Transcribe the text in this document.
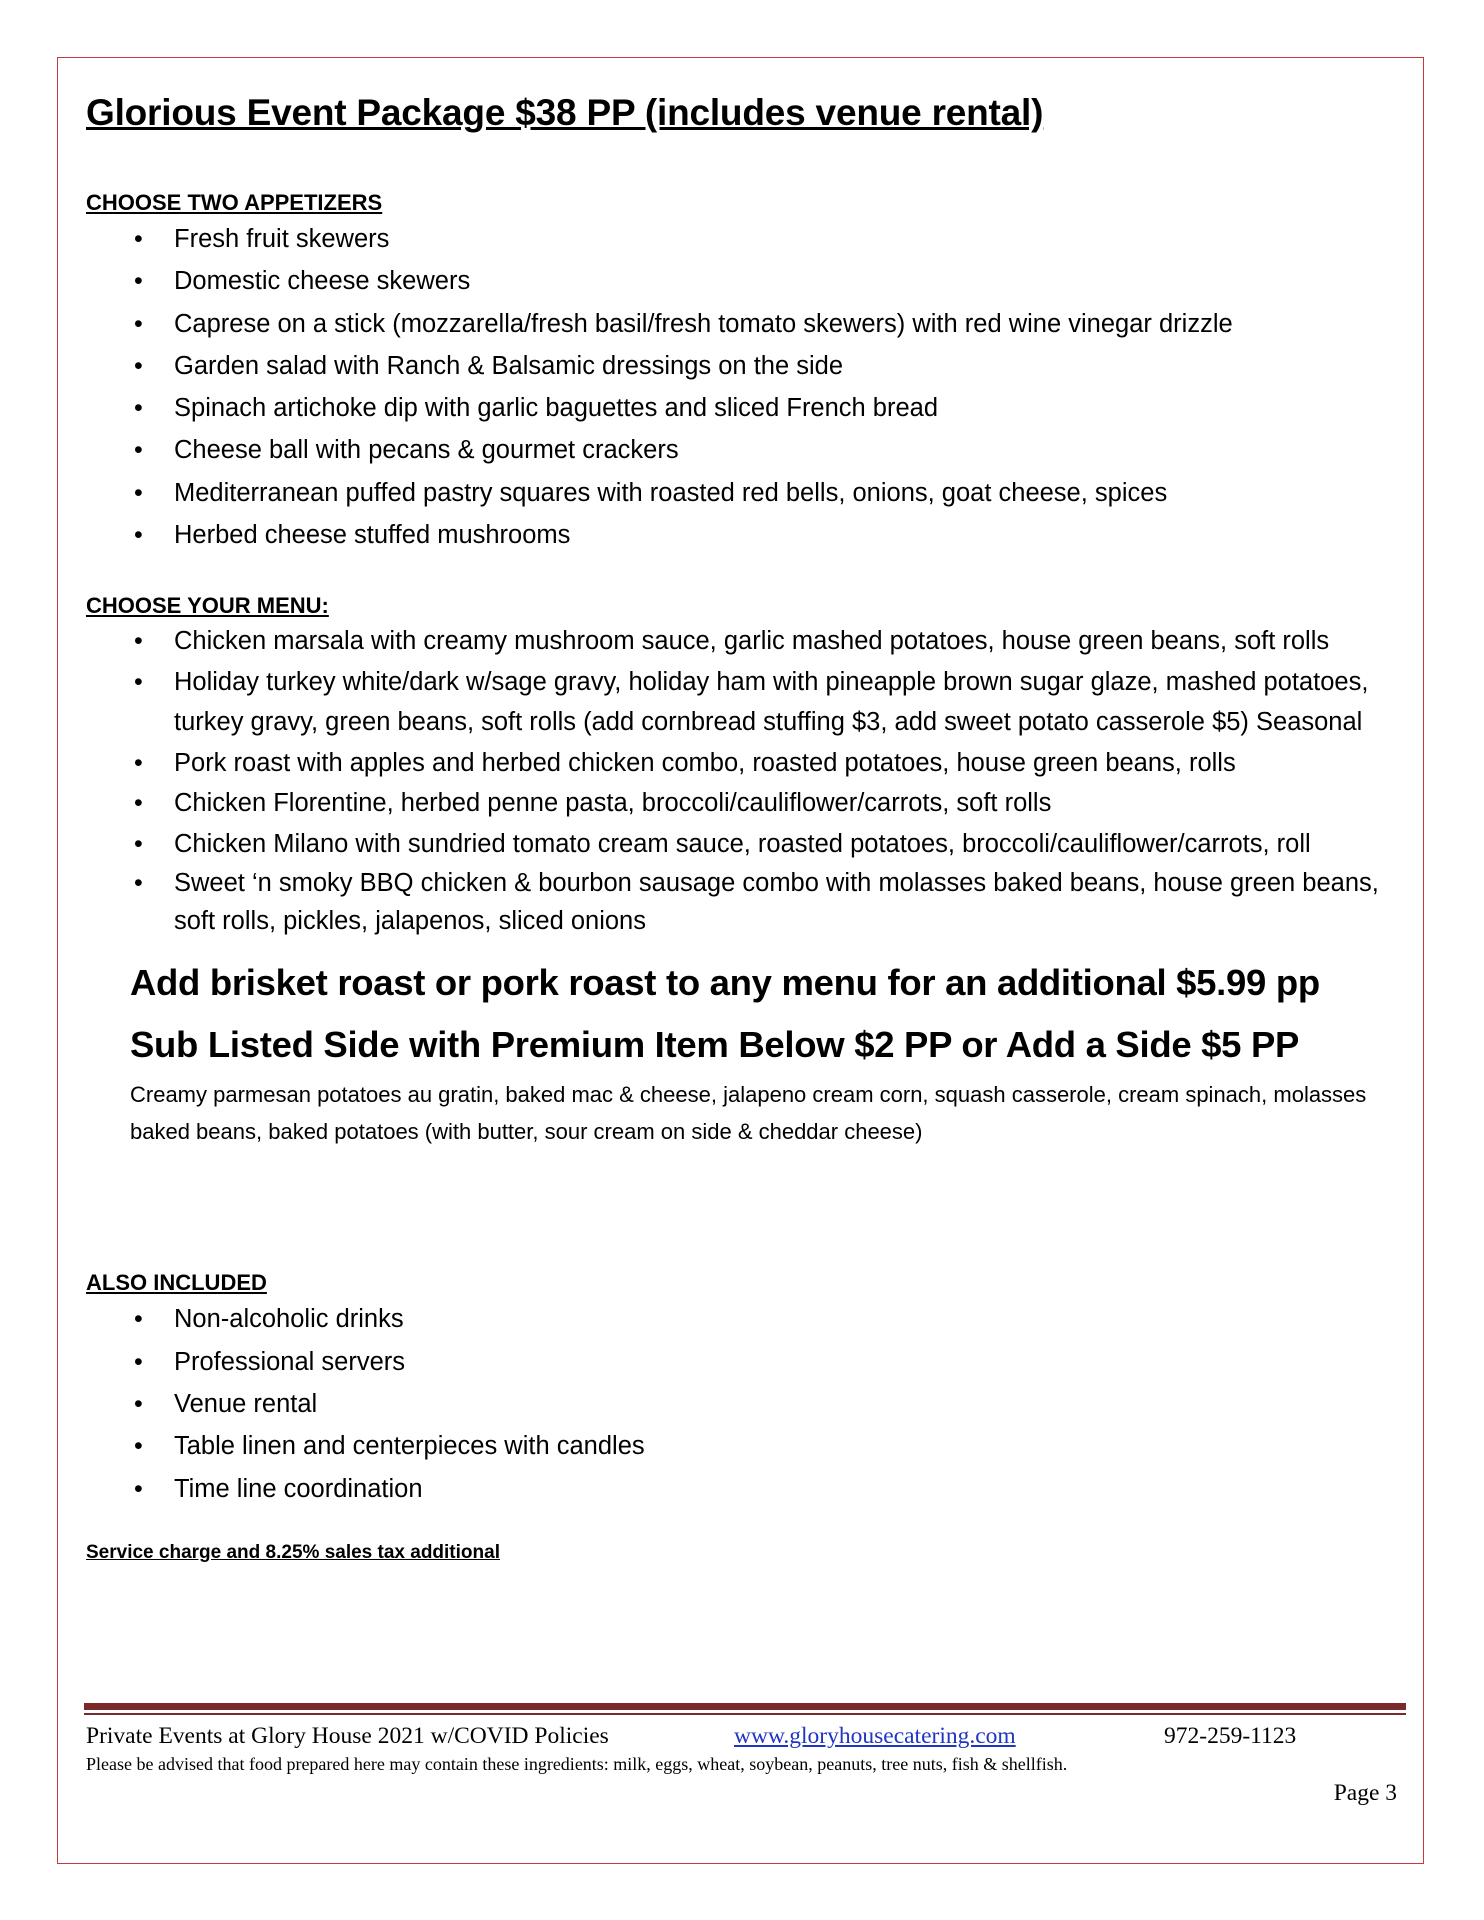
Glorious Event Package $38 PP (includes venue rental)
CHOOSE TWO APPETIZERS
• Fresh fruit skewers
• Domestic cheese skewers
• Caprese on a stick (mozzarella/fresh basil/fresh tomato skewers) with red wine vinegar drizzle
• Garden salad with Ranch & Balsamic dressings on the side
• Spinach artichoke dip with garlic baguettes and sliced French bread
• Cheese ball with pecans & gourmet crackers
• Mediterranean puffed pastry squares with roasted red bells, onions, goat cheese, spices
• Herbed cheese stuffed mushrooms
CHOOSE YOUR MENU:
• Chicken marsala with creamy mushroom sauce, garlic mashed potatoes, house green beans, soft rolls
• Holiday turkey white/dark w/sage gravy, holiday ham with pineapple brown sugar glaze, mashed potatoes, turkey gravy, green beans, soft rolls (add cornbread stuffing $3, add sweet potato casserole $5) Seasonal
• Pork roast with apples and herbed chicken combo, roasted potatoes, house green beans, rolls
• Chicken Florentine, herbed penne pasta, broccoli/cauliflower/carrots, soft rolls
• Chicken Milano with sundried tomato cream sauce, roasted potatoes, broccoli/cauliflower/carrots, roll
• Sweet ‘n smoky BBQ chicken & bourbon sausage combo with molasses baked beans, house green beans, soft rolls, pickles, jalapenos, sliced onions

Add brisket roast or pork roast to any menu for an additional $5.99 pp

Sub Listed Side with Premium Item Below $2 PP or Add a Side $5 PP

Creamy parmesan potatoes au gratin, baked mac & cheese, jalapeno cream corn, squash casserole, cream spinach, molasses baked beans, baked potatoes (with butter, sour cream on side & cheddar cheese)

ALSO INCLUDED
• Non-alcoholic drinks
• Professional servers
• Venue rental
• Table linen and centerpieces with candles
• Time line coordination

Service charge and 8.25% sales tax additional

Private Events at Glory House 2021 w/COVID Policies	www.gloryhousecatering.com	972-259-1123
Please be advised that food prepared here may contain these ingredients: milk, eggs, wheat, soybean, peanuts, tree nuts, fish & shellfish.
Page 3
